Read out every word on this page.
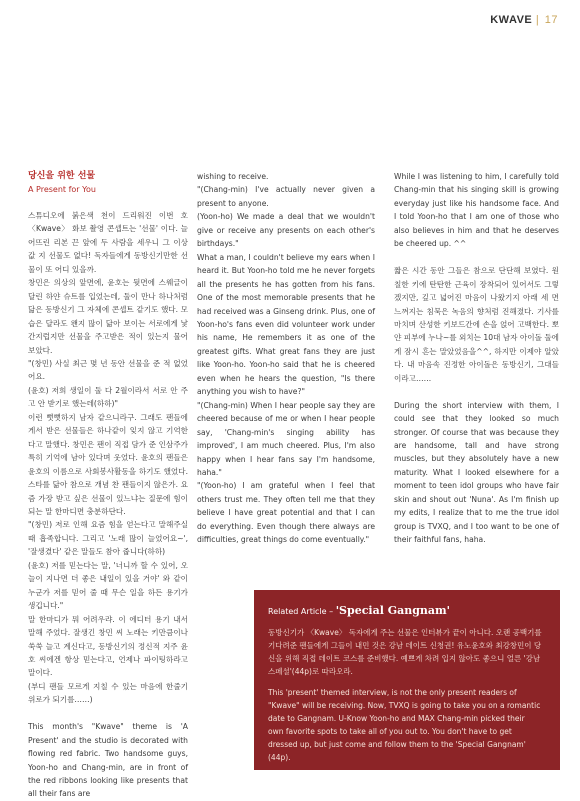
KWAVE | 17
당신을 위한 선물
A Present for You

스튜디오에 붉은색 천이 드리워진 이번 호 〈Kwave〉 화보 촬영 콘셉트는 '선물' 이다. 늘어뜨린 리본 끈 앞에 두 사람을 세우니 그 이상 값 지 선물도 없다! 독자들에게 동방신기만한 선물이 또 어디 있을까.

창민은 의상의 앞면에, 윤호는 뒷면에 스웨글이 달린 하얀 슈트를 입었는데, 둘이 만나 하나처럼 닮은 동방신기 그 자체에 콘셉트 같기도 했다. 모습은 달라도 왠지 많이 닮아 보이는 서로에게 낯간지럽지만 선물을 주고받은 적이 있는지 물어 보았다.

"(창민) 사실 최근 몇 년 동안 선물을 준 적 없었어요.

(윤호) 저희 생일이 둘 다 2월이라서 서로 안 주고 안 받기로 했는데(하하)"

이런 뻣뻣하지 남자 같으니라구. 그래도 팬들에게서 받은 선물들은 하나같이 잊지 않고 기억한다고 말했다. 창민은 팬이 직접 담가 준 인삼주가 특히 기억에 남아 있다며 웃었다. 윤호의 팬들은 윤호의 이름으로 사회봉사활동을 하기도 했었다. 스타를 닮아 참으로 개념 찬 팬들이지 않은가. 요즘 가장 받고 싶은 선물이 있느냐는 질문에 힘이 되는 말 한마디면 충분하단다.

"(창민) 저로 인해 요즘 힘을 얻는다고 말해주실 때 흡족합니다. 그리고 '노래 많이 늘었어요~', '잘생겼다' 같은 말들도 참아 줍니다(하하)

(윤호) 저를 믿는다는 말, '너니까 할 수 있어, 오늘이 지나면 더 좋은 내일이 있을 거야' 와 같이 누군가 저를 믿어 줄 때 무슨 일을 하든 용기가 생깁니다."

말 한마디가 뭐 어려우랴. 이 에디터 용기 내서 말해 주었다. 잘생긴 창민 씨 노래는 키만큼이나 쑥쑥 늘고 계신다고, 동방신기의 정신적 지주 윤호 씨에겐 항상 믿는다고, 언제나 파이팅하라고 말이다.

(부디 팬들 모르게 지칠 수 있는 마음에 한줄기 위로가 되기를……)

This month's "Kwave" theme is 'A Present' and the studio is decorated with flowing red fabric. Two handsome guys, Yoon-ho and Chang-min, are in front of the red ribbons looking like presents that all their fans are

wishing to receive.

"(Chang-min) I've actually never given a present to anyone.

(Yoon-ho) We made a deal that we wouldn't give or receive any presents on each other's birthdays."

What a man, I couldn't believe my ears when I heard it. But Yoon-ho told me he never forgets all the presents he has gotten from his fans. One of the most memorable presents that he had received was a Ginseng drink. Plus, one of Yoon-ho's fans even did volunteer work under his name, He remembers it as one of the greatest gifts. What great fans they are just like Yoon-ho. Yoon-ho said that he is cheered even when he hears the question, "Is there anything you wish to have?"

"(Chang-min) When I hear people say they are cheered because of me or when I hear people say, 'Chang-min's singing ability has improved', I am much cheered. Plus, I'm also happy when I hear fans say I'm handsome, haha."

"(Yoon-ho) I am grateful when I feel that others trust me. They often tell me that they believe I have great potential and that I can do everything. Even though there always are difficulties, great things do come eventually."

While I was listening to him, I carefully told Chang-min that his singing skill is growing everyday just like his handsome face. And I told Yoon-ho that I am one of those who also believes in him and that he deserves be cheered up. ^^

짧은 시간 동안 그들은 참으로 단단해 보였다. 원칠한 키에 탄탄한 근육이 장착되어 있어서도 그렇겠지만, 깊고 넓어진 마음이 나왔기지 아래 세 면 느껴지는 침묵은 녹음의 향처럼 진해졌다. 기사를 마치며 산성한 키보드간에 손을 얹어 고백한다. 뽀얀 피부에 누나~를 외치는 10대 남자 아이돌 둘에게 잠시 흔는 말았었음을^^, 하지만 이제야 알았다. 내 마음속 진정한 아이돌은 동방신기, 그대들이라고……

During the short interview with them, I could see that they looked so much stronger. Of course that was because they are handsome, tall and have strong muscles, but they absolutely have a new maturity. What I looked elsewhere for a moment to teen idol groups who have fair skin and shout out 'Nuna'. As I'm finish up my edits, I realize that to me the true idol group is TVXQ, and I too want to be one of their faithful fans, haha.

Related Article – 'Special Gangnam'

동방신기가 〈Kwave〉 독자에게 주는 선물은 인터뷰가 끝이 아니다. 오랜 공백기를 기다려준 팬들에게 그들이 내민 것은 강남 데이트 신청권! 유노윤호와 최강창민이 당신을 위해 직접 데이트 코스를 준비했다. 예쁘게 차려 입지 않아도 좋으니 얼른 '강남 스페셜'(44p)로 따라오라.

This 'present' themed interview, is not the only present readers of "Kwave" will be receiving. Now, TVXQ is going to take you on a romantic date to Gangnam. U-Know Yoon-ho and MAX Chang-min picked their own favorite spots to take all of you out to. You don't have to get dressed up, but just come and follow them to the 'Special Gangnam' (44p).
